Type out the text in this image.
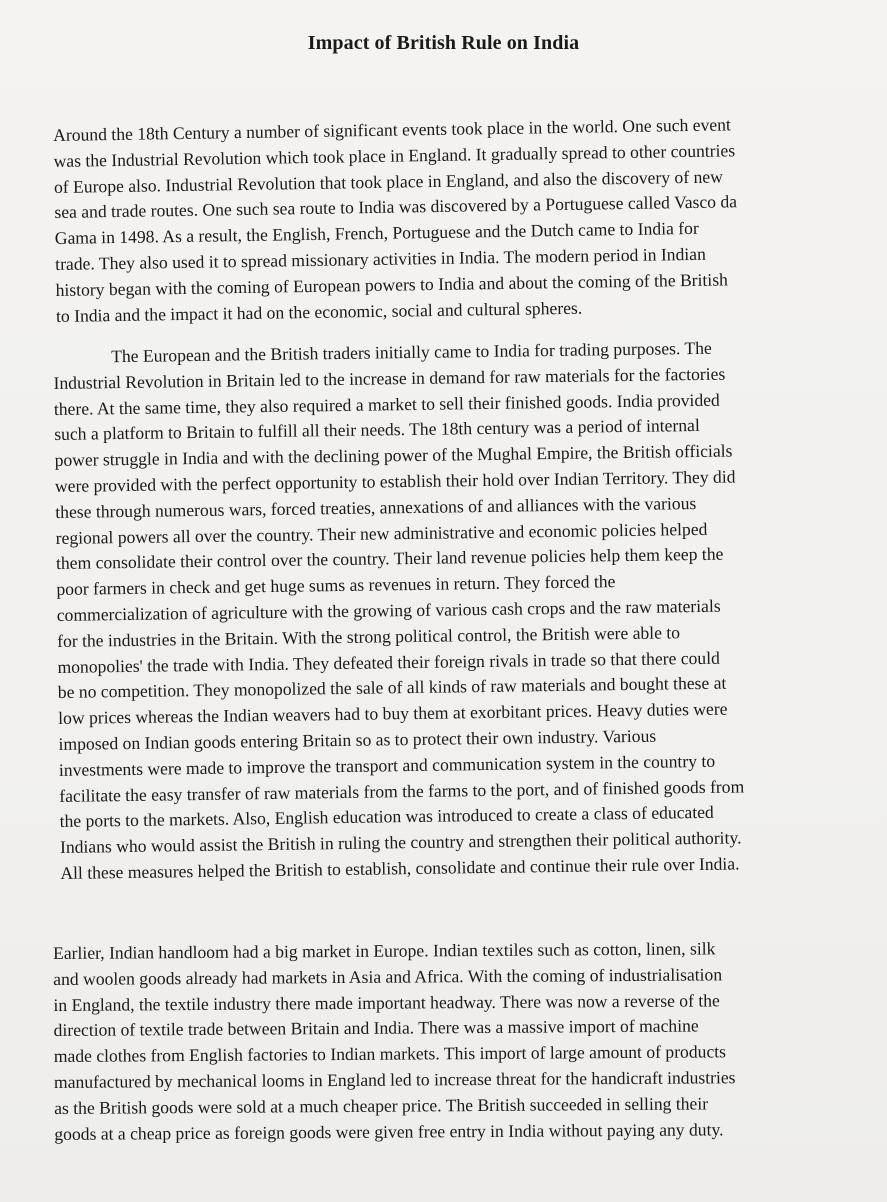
Impact of British Rule on India

Around the 18th Century a number of significant events took place in the world. One such event
was the Industrial Revolution which took place in England. It gradually spread to other countries
of Europe also. Industrial Revolution that took place in England, and also the discovery of new
sea and trade routes. One such sea route to India was discovered by a Portuguese called Vasco da
Gama in 1498. As a result, the English, French, Portuguese and the Dutch came to India for
trade. They also used it to spread missionary activities in India. The modern period in Indian
history began with the coming of European powers to India and about the coming of the British
to India and the impact it had on the economic, social and cultural spheres.

The European and the British traders initially came to India for trading purposes. The
Industrial Revolution in Britain led to the increase in demand for raw materials for the factories
there. At the same time, they also required a market to sell their finished goods. India provided
such a platform to Britain to fulfill all their needs. The 18th century was a period of internal
power struggle in India and with the declining power of the Mughal Empire, the British officials
were provided with the perfect opportunity to establish their hold over Indian Territory. They did
these through numerous wars, forced treaties, annexations of and alliances with the various
regional powers all over the country. Their new administrative and economic policies helped
them consolidate their control over the country. Their land revenue policies help them keep the
poor farmers in check and get huge sums as revenues in return. They forced the
commercialization of agriculture with the growing of various cash crops and the raw materials
for the industries in the Britain. With the strong political control, the British were able to
monopolies' the trade with India. They defeated their foreign rivals in trade so that there could
be no competition. They monopolized the sale of all kinds of raw materials and bought these at
low prices whereas the Indian weavers had to buy them at exorbitant prices. Heavy duties were
imposed on Indian goods entering Britain so as to protect their own industry. Various
investments were made to improve the transport and communication system in the country to
facilitate the easy transfer of raw materials from the farms to the port, and of finished goods from
the ports to the markets. Also, English education was introduced to create a class of educated
Indians who would assist the British in ruling the country and strengthen their political authority.
All these measures helped the British to establish, consolidate and continue their rule over India.

Earlier, Indian handloom had a big market in Europe. Indian textiles such as cotton, linen, silk
and woolen goods already had markets in Asia and Africa. With the coming of industrialisation
in England, the textile industry there made important headway. There was now a reverse of the
direction of textile trade between Britain and India. There was a massive import of machine
made clothes from English factories to Indian markets. This import of large amount of products
manufactured by mechanical looms in England led to increase threat for the handicraft industries
as the British goods were sold at a much cheaper price. The British succeeded in selling their
goods at a cheap price as foreign goods were given free entry in India without paying any duty.
